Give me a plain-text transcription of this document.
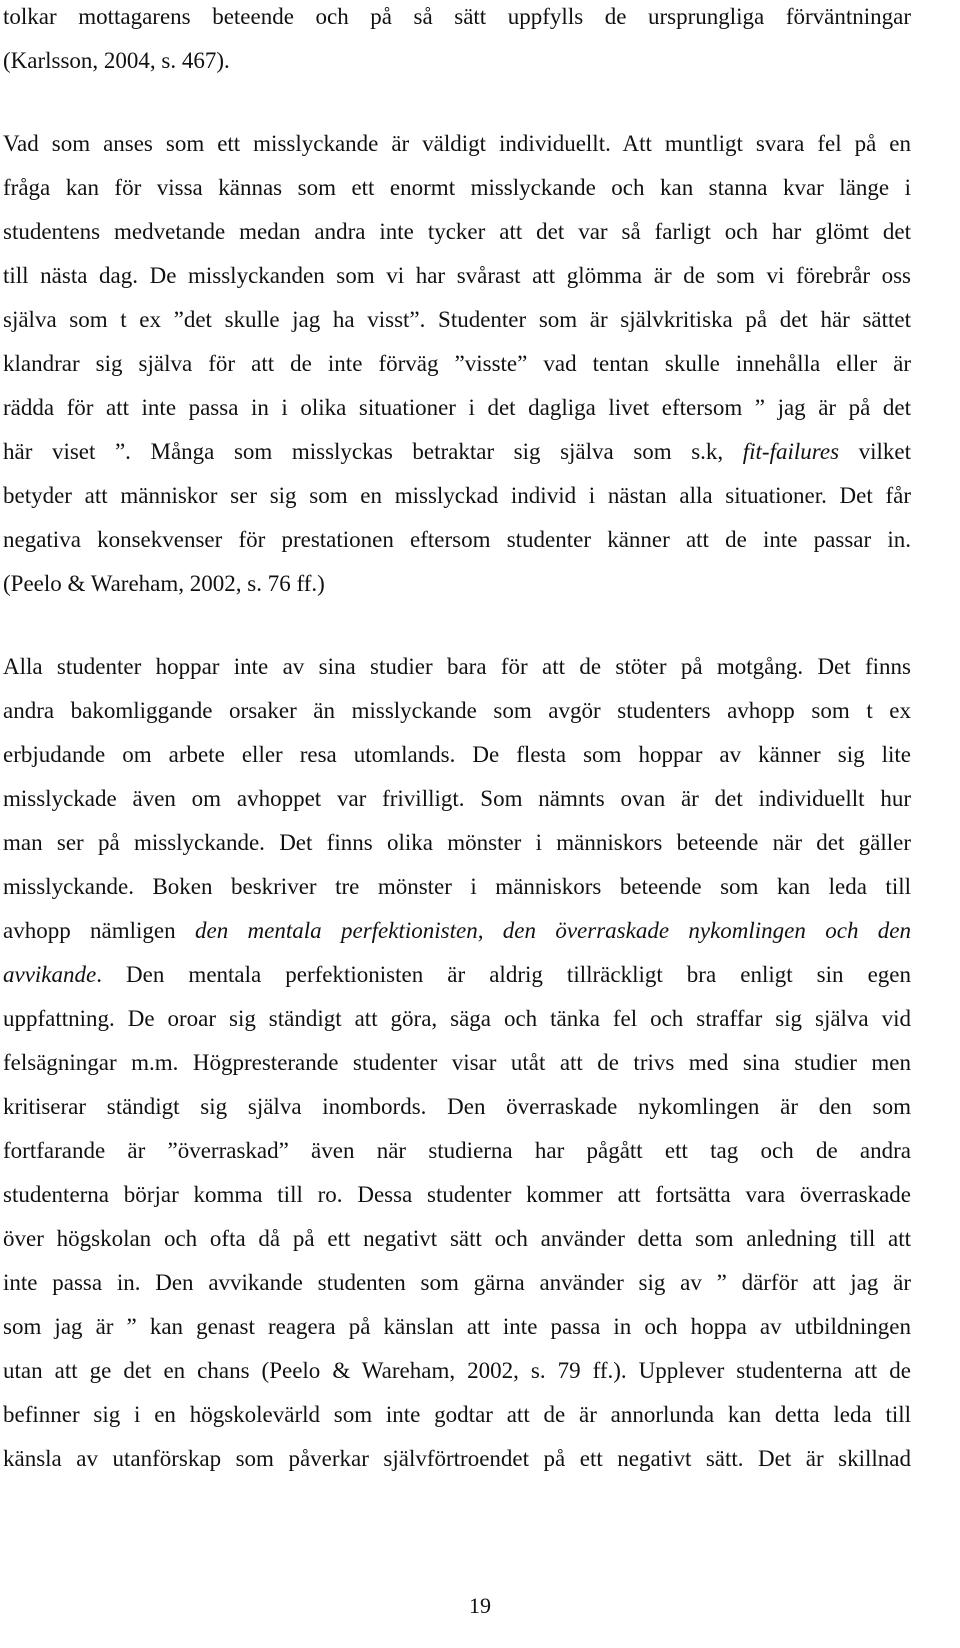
tolkar mottagarens beteende och på så sätt uppfylls de ursprungliga förväntningar

(Karlsson, 2004, s. 467).

Vad som anses som ett misslyckande är väldigt individuellt. Att muntligt svara fel på en

fråga kan för vissa kännas som ett enormt misslyckande och kan stanna kvar länge i

studentens medvetande medan andra inte tycker att det var så farligt och har glömt det

till nästa dag. De misslyckanden som vi har svårast att glömma är de som vi förebrår oss

själva som t ex ”det skulle jag ha visst”. Studenter som är självkritiska på det här sättet

klandrar sig själva för att de inte förväg ”visste” vad tentan skulle innehålla eller är

rädda för att inte passa in i olika situationer i det dagliga livet eftersom ” jag är på det

här viset ”. Många som misslyckas betraktar sig själva som s.k, fit-failures vilket

betyder att människor ser sig som en misslyckad individ i nästan alla situationer. Det får

negativa konsekvenser för prestationen eftersom studenter känner att de inte passar in.

(Peelo & Wareham, 2002, s. 76 ff.)

Alla studenter hoppar inte av sina studier bara för att de stöter på motgång. Det finns

andra bakomliggande orsaker än misslyckande som avgör studenters avhopp som t ex

erbjudande om arbete eller resa utomlands. De flesta som hoppar av känner sig lite

misslyckade även om avhoppet var frivilligt. Som nämnts ovan är det individuellt hur

man ser på misslyckande. Det finns olika mönster i människors beteende när det gäller

misslyckande. Boken beskriver tre mönster i människors beteende som kan leda till

avhopp nämligen den mentala perfektionisten, den överraskade nykomlingen och den

avvikande. Den mentala perfektionisten är aldrig tillräckligt bra enligt sin egen

uppfattning. De oroar sig ständigt att göra, säga och tänka fel och straffar sig själva vid

felsägningar m.m. Högpresterande studenter visar utåt att de trivs med sina studier men

kritiserar ständigt sig själva inombords. Den överraskade nykomlingen är den som

fortfarande är ”överraskad” även när studierna har pågått ett tag och de andra

studenterna börjar komma till ro. Dessa studenter kommer att fortsätta vara överraskade

över högskolan och ofta då på ett negativt sätt och använder detta som anledning till att

inte passa in. Den avvikande studenten som gärna använder sig av ” därför att jag är

som jag är ” kan genast reagera på känslan att inte passa in och hoppa av utbildningen

utan att ge det en chans (Peelo & Wareham, 2002, s. 79 ff.). Upplever studenterna att de

befinner sig i en högskolevärld som inte godtar att de är annorlunda kan detta leda till

känsla av utanförskap som påverkar självförtroendet på ett negativt sätt. Det är skillnad

19
